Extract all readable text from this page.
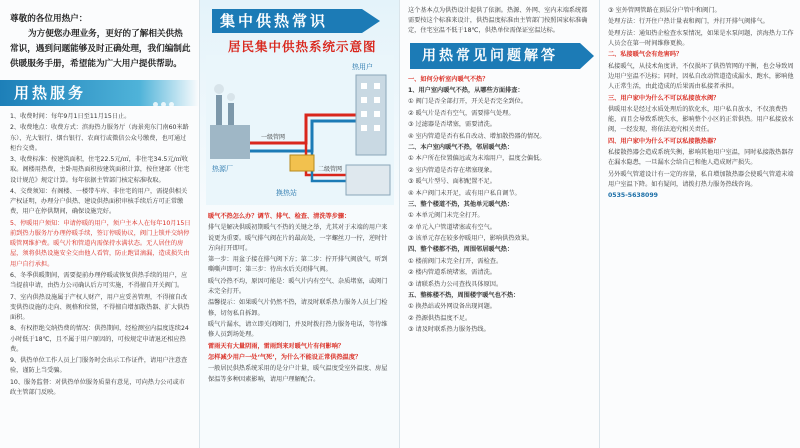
尊敬的各位用热户：
为方便您办理业务，更好的了解相关供热常识，遇到问题能够及时正确处理，我们编制此供暖服务手册，希望能为广大用户提供帮助。
用热服务

1、收费时间：每年9月1日至11月15日止。

2、收费地点：收费方式：滨海热力服务厅（海景苑东门南60米路东）、光大银行、烟台银行、农商行或微信公众号缴费，也可通过柜台交费。

3、收费标准：按建筑面积，住宅22.5元/㎡，非住宅34.5元/㎡收取。阁楼用热费，主卧用热面积按建筑面积计算，按住建部《住宅设计规范》规定计算。每年依据主管部门核定标准收取。

4、交费须知：有阁楼、一楼带车库、非住宅的用户，需提供相关产权证明，办理分户供热、建设供热面积审核手续后方可正常缴费，用户在停供期间，确保设施完好。

5、停暖用户须知：申请停暖的用户，须户主本人在每年10月15日前到热力服务厅办理停暖手续，签订停暖协议，阀门上锁并交纳停暖管网维护费。暖气片和管道内需保持水满状态。无人居住的房屋，须将供热设施安全交由他人看管，防止跑冒滴漏，造成损失由用户自行承担。

6、冬季供暖期间，需要提前办理停暖或恢复供热手续的用户，应当提前申请，由热力公司确认后方可实施，不得擅自开关阀门。

7、室内供热设施属于产权人财产，用户应妥善管理，不得擅自改变供热设施的走向、规格和位置，不得擅自增加散热器、扩大供热面积。

8、有权拒绝交纳热费的情况：供热期间，经检测室内温度连续24小时低于18℃，且不属于用户原因的，可按规定申请退还相应热费。

9、供热单位工作人员上门服务时会出示工作证件，请用户注意查验，谨防上当受骗。

10、服务监督：对供热单位服务质量有意见，可向热力公司或市政主管部门反映。

集中供热常识
居民集中供热系统示意图
热源厂
一级管网
换热站
二级管网
热用户

暖气不热怎么办？调节、排气、检查、清洗等步骤：

排气是解决供暖初期暖气不热的关键之举，尤其对于末端的用户来说更为重要。暖气排气阀在片的最高处，一字螺丝刀一拧，逆时针方向打开即可。

第一步：用盆子接在排气阀下方；第二步：拧开排气阀放气，听到嘶嘶声即可；第三步：待出水后关闭排气阀。

暖气冷热不均，原因可能是：暖气片内有空气、杂质堵塞，或阀门未完全打开。

温馨提示：如果暖气片仍然不热，请及时联系热力服务人员上门检修，切勿私自拆卸。

暖气片漏水，请立即关闭阀门，并及时拨打热力服务电话，等待维修人员到场处理。

雷雨天有大量阴雨，雷雨到来对暖气片有何影响？

怎样减少用户一处‘气死’，为什么不能设正常供热温度？

一般居民供热系统采用的是分户计量，暖气温度受室外温度、房屋保温等多种因素影响，请用户理解配合。

这个基本点为供热设计提供了依据。热源、外网、室内末端系统都需要按这个标准来设计，供热温度标准由主管部门按照国家标准确定，住宅室温不低于18℃，供热单位需保证室温达标。
用热常见问题解答

一、如何分析室内暖气不热？

1、用户室内暖气不热，从哪些方面排查：

① 阀门是否全部打开，开关是否完全到位。

② 暖气片是否有空气，需要排气处理。

③ 过滤器是否堵塞，需要清洗。

④ 室内管道是否有私自改动、增加散热器的情况。

二、本户室内暖气不热，邻居暖气热：

① 本户所在位置偏远或为末端用户，温度会偏低。

② 室内管道是否存在堵塞现象。

③ 暖气片型号、面积配置不足。

④ 本户阀门未开足，或有用户私自调节。

三、整个楼道不热，其他单元暖气热：

① 本单元阀门未完全打开。

② 单元入户管道堵塞或有空气。

③ 该单元存在较多停暖用户，影响供热效果。

四、整个楼都不热，周围邻居暖气热：

① 楼前阀门未完全打开，需检查。

② 楼内管道系统堵塞，需清洗。

③ 请联系热力公司查找具体原因。

五、整栋楼不热，周围楼宇暖气也不热：

① 换热站或外网设备出现问题。

② 热源供热温度不足。

③ 请及时联系热力服务热线。

③ 室外管网管路在顶层分户管中和阀门。

处理方法：行开住户热计量表和阀门，并打开排气阀排气。

处理方法：通知热企检查水泵情况，如果是水泵问题，滨海热力工作人员会在第一时间维修更换。

二、私接暖气会有危害吗？

私接暖气，从技术角度讲，不仅损坏了供热管网的平衡，也会导致周边用户室温不达标；同时，因私自改动管道造成漏水、跑水，影响他人正常生活，由此造成的后果需由私接者承担。

三、用户家中为什么不可以私接放水阀？

供暖用水是经过水质处理后的软化水，用户私自放水，不仅浪费热能，而且会导致系统失水，影响整个小区的正常供热。用户私接放水阀，一经发现，将依法追究相关责任。

四、用户家中为什么不可以私接散热器？

私接散热器会造成系统失衡，影响其他用户室温，同时私接散热器存在漏水隐患，一旦漏水会给自己和他人造成财产损失。

另外暖气管道设计有一定的容量，私自增加散热器会使暖气管道末端用户室温下降。如有疑问，请拨打热力服务热线咨询。

0535-5638099
